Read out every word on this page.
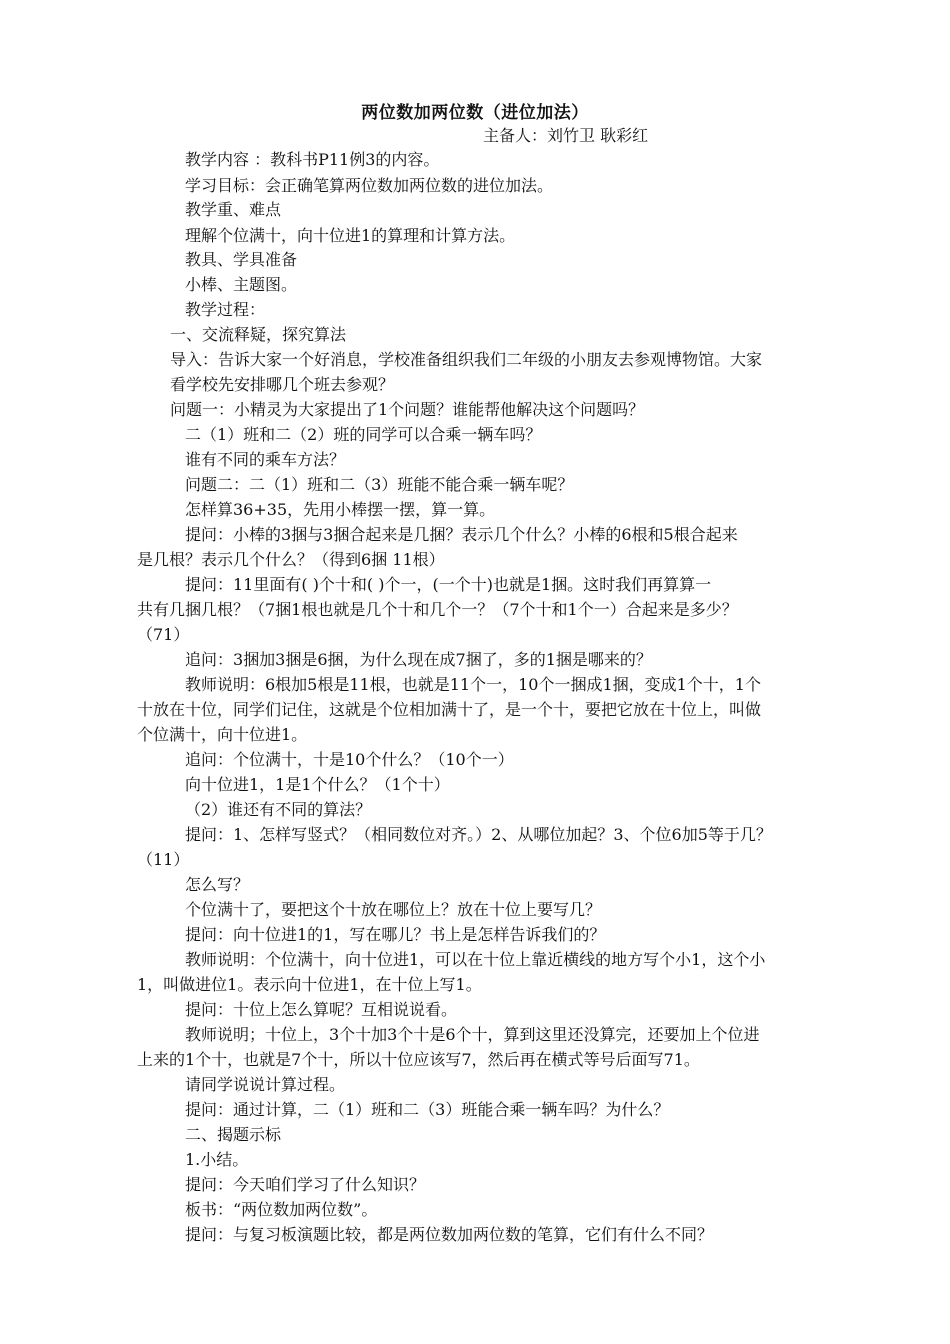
两位数加两位数（进位加法）
主备人：刘竹卫 耿彩红
教学内容 ：教科书P11例3的内容。
学习目标：会正确笔算两位数加两位数的进位加法。
教学重、难点
理解个位满十，向十位进1的算理和计算方法。
教具、学具准备
小棒、主题图。
教学过程：
一、交流释疑，探究算法
导入：告诉大家一个好消息，学校准备组织我们二年级的小朋友去参观博物馆。大家
看学校先安排哪几个班去参观？
问题一：小精灵为大家提出了1个问题？谁能帮他解决这个问题吗？
二（1）班和二（2）班的同学可以合乘一辆车吗？
谁有不同的乘车方法？
问题二：二（1）班和二（3）班能不能合乘一辆车呢？
怎样算36+35，先用小棒摆一摆，算一算。
提问：小棒的3捆与3捆合起来是几捆？表示几个什么？小棒的6根和5根合起来
是几根？表示几个什么？（得到6捆 11根）
提问：11里面有( )个十和( )个一，(一个十)也就是1捆。这时我们再算算一
共有几捆几根？（7捆1根也就是几个十和几个一？（7个十和1个一）合起来是多少？
（71）
追问：3捆加3捆是6捆，为什么现在成7捆了，多的1捆是哪来的？
教师说明：6根加5根是11根，也就是11个一，10个一捆成1捆，变成1个十，1个
十放在十位，同学们记住，这就是个位相加满十了，是一个十，要把它放在十位上，叫做
个位满十，向十位进1。
追问：个位满十，十是10个什么？（10个一）
向十位进1，1是1个什么？（1个十）
（2）谁还有不同的算法？
提问：1、怎样写竖式？（相同数位对齐。）2、从哪位加起？3、个位6加5等于几？
（11）
怎么写？
个位满十了，要把这个十放在哪位上？放在十位上要写几？
提问：向十位进1的1，写在哪儿？书上是怎样告诉我们的？
教师说明：个位满十，向十位进1，可以在十位上靠近横线的地方写个小1，这个小
1，叫做进位1。表示向十位进1，在十位上写1。
提问：十位上怎么算呢？互相说说看。
教师说明；十位上，3个十加3个十是6个十，算到这里还没算完，还要加上个位进
上来的1个十，也就是7个十，所以十位应该写7，然后再在横式等号后面写71。
请同学说说计算过程。
提问：通过计算，二（1）班和二（3）班能合乘一辆车吗？为什么？
二、揭题示标
1.小结。
提问：今天咱们学习了什么知识？
板书：“两位数加两位数”。
提问：与复习板演题比较，都是两位数加两位数的笔算，它们有什么不同？
